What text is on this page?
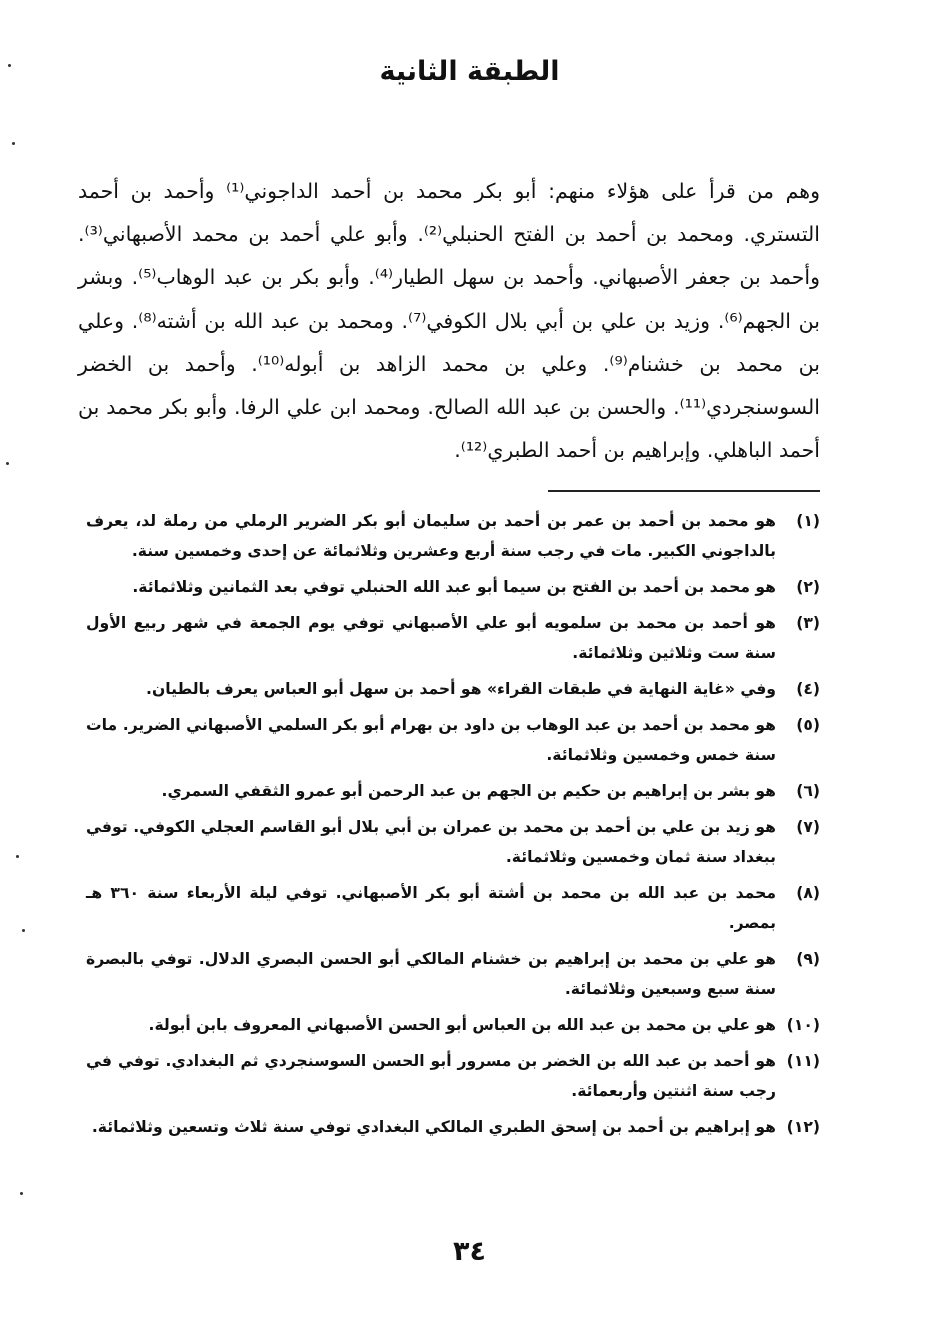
الطبقة الثانية
وهم من قرأ على هؤلاء منهم: أبو بكر محمد بن أحمد الداجوني⁽¹⁾ وأحمد بن أحمد التستري. ومحمد بن أحمد بن الفتح الحنبلي⁽²⁾. وأبو علي أحمد بن محمد الأصبهاني⁽³⁾. وأحمد بن جعفر الأصبهاني. وأحمد بن سهل الطيار⁽⁴⁾. وأبو بكر بن عبد الوهاب⁽⁵⁾. وبشر بن الجهم⁽⁶⁾. وزيد بن علي بن أبي بلال الكوفي⁽⁷⁾. ومحمد بن عبد الله بن أشته⁽⁸⁾. وعلي بن محمد بن خشنام⁽⁹⁾. وعلي بن محمد الزاهد بن أبوله⁽¹⁰⁾. وأحمد بن الخضر السوسنجردي⁽¹¹⁾. والحسن بن عبد الله الصالح. ومحمد ابن علي الرفا. وأبو بكر محمد بن أحمد الباهلي. وإبراهيم بن أحمد الطبري⁽¹²⁾.
(١)
هو محمد بن أحمد بن عمر بن أحمد بن سليمان أبو بكر الضرير الرملي من رملة لد، يعرف بالداجوني الكبير. مات في رجب سنة أربع وعشرين وثلاثمائة عن إحدى وخمسين سنة.
(٢)
هو محمد بن أحمد بن الفتح بن سيما أبو عبد الله الحنبلي توفي بعد الثمانين وثلاثمائة.
(٣)
هو أحمد بن محمد بن سلمويه أبو علي الأصبهاني توفي يوم الجمعة في شهر ربيع الأول سنة ست وثلاثين وثلاثمائة.
(٤)
وفي «غاية النهاية في طبقات القراء» هو أحمد بن سهل أبو العباس يعرف بالطيان.
(٥)
هو محمد بن أحمد بن عبد الوهاب بن داود بن بهرام أبو بكر السلمي الأصبهاني الضرير. مات سنة خمس وخمسين وثلاثمائة.
(٦)
هو بشر بن إبراهيم بن حكيم بن الجهم بن عبد الرحمن أبو عمرو الثقفي السمري.
(٧)
هو زيد بن علي بن أحمد بن محمد بن عمران بن أبي بلال أبو القاسم العجلي الكوفي. توفي ببغداد سنة ثمان وخمسين وثلاثمائة.
(٨)
محمد بن عبد الله بن محمد بن أشتة أبو بكر الأصبهاني. توفي ليلة الأربعاء سنة ٣٦٠ هـ بمصر.
(٩)
هو علي بن محمد بن إبراهيم بن خشنام المالكي أبو الحسن البصري الدلال. توفي بالبصرة سنة سبع وسبعين وثلاثمائة.
(١٠)
هو علي بن محمد بن عبد الله بن العباس أبو الحسن الأصبهاني المعروف بابن أبولة.
(١١)
هو أحمد بن عبد الله بن الخضر بن مسرور أبو الحسن السوسنجردي ثم البغدادي. توفي في رجب سنة اثنتين وأربعمائة.
(١٢)
هو إبراهيم بن أحمد بن إسحق الطبري المالكي البغدادي توفي سنة ثلاث وتسعين وثلاثمائة.
٣٤
